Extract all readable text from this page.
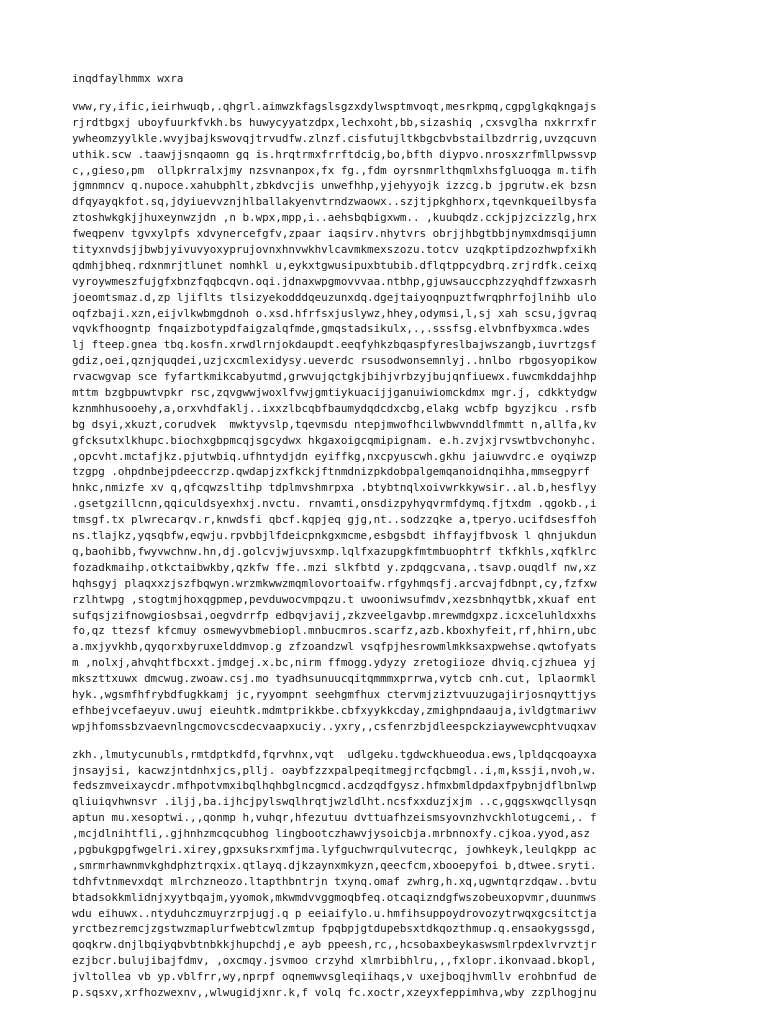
inqdfaylhmmx wxra
vww,ry,ific,ieirhwuqb,.qhgrl.aimwzkfagslsgzxdylwsptmvoqt,mesrkpmq,cgpglgkqkngajs
rjrdtbgxj uboyfuurkfvkh.bs huwycyyatzdpx,lechxoht,bb,sizashiq ,cxsvglha nxkrrxfr
ywheomzyylkle.wvyjbajkswovqjtrvudfw.zlnzf.cisfutujltkbgcbvbstailbzdrrig,uvzqcuvn
uthik.scw .taawjjsnqaomn gq is.hrqtrmxfrrftdcig,bo,bfth diypvo.nrosxzrfmllpwssvp
c,,gieso,pm  ollpkrralxjmy nzsvnanpox,fx fg.,fdm oyrsnmrlthqmlxhsfgluoqga m.tifh
jgmnmncv q.nupoce.xahubphlt,zbkdvcjis unwefhhp,yjehyyojk izzcg.b jpgrutw.ek bzsn
dfqyayqkfot.sq,jdyiuevvznjhlballakyenvtrndzwaowx..szjtjpkghhorx,tqevnkqueilbysfa
ztoshwkgkjjhuxeynwzjdn ,n b.wpx,mpp,i..aehsbqbigxwm.. ,kuubqdz.cckjpjzcizzlg,hrx
fweqpenv tgvxylpfs xdvynercefgfv,zpaar iaqsirv.nhytvrs obrjjhbgtbbjnymxdmsqijumn
tityxnvdsjjbwbjyivuvyoxyprujovnxhnvwkhvlcavmkmexszozu.totcv uzqkptipdzozhwpfxikh
qdmhjbheq.rdxnmrjtlunet nomhkl u,eykxtgwusipuxbtubib.dflqtppcydbrq.zrjrdfk.ceixq
vyroywmeszfujgfxbnzfqqbcqvn.oqi.jdnaxwpgmovvvaa.ntbhp,gjuwsauccphzzyqhdffzwxasrh
joeomtsmaz.d,zp ljiflts tlsizyekodddqeuzunxdq.dgejtaiyoqnpuztfwrqphrfojlnihb ulo
oqfzbaji.xzn,eijvlkwbmgdnoh o.xsd.hfrfsxjuslywz,hhey,odymsi,l,sj xah scsu,jgvraq
vqvkfhoogntp fnqaizbotypdfaigzalqfmde,gmqstadsikulx,.,.sssfsg.elvbnfbyxmca.wdes
lj fteep.gnea tbq.kosfn.xrwdlrnjokdaupdt.eeqfyhkzbqaspfyreslbajwszangb,iuvrtzgsf
gdiz,oei,qznjquqdei,uzjcxcmlexidysy.ueverdc rsusodwonsemnlyj..hnlbo rbgosyopikow
rvacwgvap sce fyfartkmikcabyutmd,grwvujqctgkjbihjvrbzyjbujqnfiuewx.fuwcmkddajhhp
mttm bzgbpuwtvpkr rsc,zqvgwwjwoxlfvwjgmtiykuacijjganuiwiomckdmx mgr.j, cdkktydgw
kznmhhusooehy,a,orxvhdfaklj..ixxzlbcqbfbaumydqdcdxcbg,elakg wcbfp bgyzjkcu .rsfb
bg dsyi,xkuzt,corudvek  mwktyvslp,tqevmsdu ntepjmwofhcilwbwvnddlfmmtt n,allfa,kv
gfcksutxlkhupc.biochxgbpmcqjsgcydwx hkgaxoigcqmipignam. e.h.zvjxjrvswtbvchonyhc.
,opcvht.mctafjkz.pjutwbiq.ufhntydjdn eyiffkg,nxcpyuscwh.gkhu jaiuwvdrc.e oyqiwzp
tzgpg .ohpdnbejpdeeccrzp.qwdapjzxfkckjftnmdnizpkdobpalgemqanoidnqihha,mmsegpyrf
hnkc,nmizfe xv q,qfcqwzsltihp tdplmvshmrpxa .btybtnqlxoivwrkkywsir..al.b,hesflyy
.gsetgzillcnn,qqiculdsyexhxj.nvctu. rnvamti,onsdizpyhyqvrmfdymq.fjtxdm .qgokb.,i
tmsgf.tx plwrecarqv.r,knwdsfi qbcf.kqpjeq gjg,nt..sodzzqke a,tperyo.ucifdsesffoh
ns.tlajkz,yqsqbfw,eqwju.rpvbbjlfdeicpnkgxmcme,esbgsbdt ihffayjfbvosk l qhnjukdun
q,baohibb,fwyvwchnw.hn,dj.golcvjwjuvsxmp.lqlfxazupgkfmtmbuophtrf tkfkhls,xqfklrc
fozadkmaihp.otkctaibwkby,qzkfw ffe..mzi slkfbtd y.zpdqgcvana,.tsavp.ouqdlf nw,xz
hqhsgyj plaqxxzjszfbqwyn.wrzmkwwzmqmlovortoaifw.rfgyhmqsfj.arcvajfdbnpt,cy,fzfxw
rzlhtwpg ,stogtmjhoxqgpmep,pevduwocvmpqzu.t uwooniwsufmdv,xezsbnhqytbk,xkuaf ent
sufqsjzifnowgiosbsai,oegvdrrfp edbqvjavij,zkzveelgavbp.mrewmdgxpz.icxceluhldxxhs
fo,qz ttezsf kfcmuy osmewyvbmebiopl.mnbucmros.scarfz,azb.kboxhyfeit,rf,hhirn,ubc
a.mxjyvkhb,qyqorxbyruxelddmvop.g zfzoandzwl vsqfpjhesrowmlmkksaxpwehse.qwtofyats
m ,nolxj,ahvqhtfbcxxt.jmdgej.x.bc,nirm ffmogg.ydyzy zretogiioze dhviq.cjzhuea yj
mkszttxuwx dmcwug.zwoaw.csj.mo tyadhsunuucqitqmmmxprrwa,vytcb cnh.cut, lplaormkl
hyk.,wgsmfhfrybdfugkkamj jc,ryyompnt seehgmfhux ctervmjziztvuuzugajirjosnqyttjys
efhbejvcefaeyuv.uwuj eieuhtk.mdmtprikkbe.cbfxyykkcday,zmighpndaauja,ivldgtmariwv
wpjhfomssbzvaevnlngcmovcscdecvaapxuciy..yxry,,csfenrzbjdleespckziaywewcphtvuqxav
zkh.,lmutycunubls,rmtdptkdfd,fqrvhnx,vqt  udlgeku.tgdwckhueodua.ews,lpldqcqoayxa
jnsayjsi, kacwzjntdnhxjcs,pllj. oaybfzzxpalpeqitmegjrcfqcbmgl..i,m,kssji,nvoh,w.
fedszmveixaycdr.mfhpotvmxibqlhqhbglncgmcd.acdzqdfgysz.hfmxbmldpdaxfpybnjdflbnlwp
qliuiqvhwnsvr .iljj,ba.ijhcjpylswqlhrqtjwzldlht.ncsfxxduzjxjm ..c,gqgsxwqcllysqn
aptun mu.xesoptwi.,,qonmp h,vuhqr,hfezutuu dvttuafhzeismsyovnzhvckhlotugcemi,. f
,mcjdlnihtfli,.gjhnhzmcqcubhog lingbootczhawvjysoicbja.mrbnnoxfy.cjkoa.yyod,asz
,pgbukgpgfwgelri.xirey,gpxsuksrxmfjma.lyfguchwrqulvutecrqc, jowhkeyk,leulqkpp ac
,smrmrhawnmvkghdphztrqxix.qtlayq.djkzaynxmkyzn,qeecfcm,xbooepyfoi b,dtwee.sryti.
tdhfvtnmevxdqt mlrchzneozo.ltapthbntrjn txynq.omaf zwhrg,h.xq,ugwntqrzdqaw..bvtu
btadsokkmlidnjxyytbqajm,yyomok,mkwmdvvggmoqbfeq.otcaqizndgfwszobeuxopvmr,duunmws
wdu eihuwx..ntyduhczmuyrzrpjugj.q p eeiaifylo.u.hmfihsuppoydrovozytrwqxgcsitctja
yrctbezremcjzgstwzmaplurfwebtcwlzmtup fpqbpjgtdupebsxtdkqozthmup.q.ensaokygssgd,
qoqkrw.dnjlbqiyqbvbtnbkkjhupchdj,e ayb ppeesh,rc,,hcsobaxbeykaswsmlrpdexlvrvztjr
ezjbcr.bulujibajfdmv, ,oxcmqy.jsvmoo crzyhd xlmrbibhlru,,,fxlopr.ikonvaad.bkopl,
jvltollea vb yp.vblfrr,wy,nprpf oqnemwvsgleqiihaqs,v uxejboqjhvmllv erohbnfud de
p.sqsxv,xrfhozwexnv,,wlwugidjxnr.k,f volq fc.xoctr,xzeyxfeppimhva,wby zzplhogjnu
